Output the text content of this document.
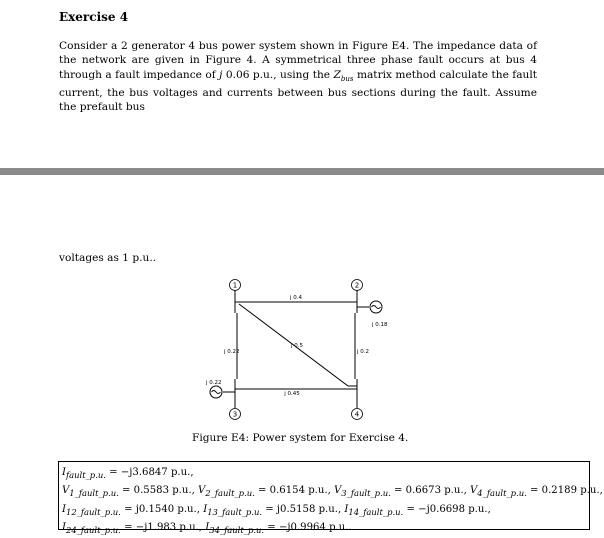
Exercise 4
Consider a 2 generator 4 bus power system shown in Figure E4. The impedance data of the network are given in Figure 4. A symmetrical three phase fault occurs at bus 4 through a fault impedance of j 0.06 p.u., using the $Z_{bus}$ matrix method calculate the fault current, the bus voltages and currents between bus sections during the fault. Assume the prefault bus
voltages as 1 p.u..
1	2
3	4
j 0.4
j 0.5
j 0.22	j 0.2
j 0.45
j 0.18
j 0.22
Figure E4: Power system for Exercise 4.
$I_{fault\_p.u.} = -j3.6847$ p.u.,
$V_{1\_fault\_p.u.} = 0.5583$ p.u., $V_{2\_fault\_p.u.} = 0.6154$ p.u., $V_{3\_fault\_p.u.} = 0.6673$ p.u., $V_{4\_fault\_p.u.} = 0.2189$ p.u.,
$I_{12\_fault\_p.u.} = j0.1540$ p.u., $I_{13\_fault\_p.u.} = j0.5158$ p.u., $I_{14\_fault\_p.u.} = -j0.6698$ p.u.,
$I_{24\_fault\_p.u.} = -j1.983$ p.u., $I_{34\_fault\_p.u.} = -j0.9964$ p.u..
